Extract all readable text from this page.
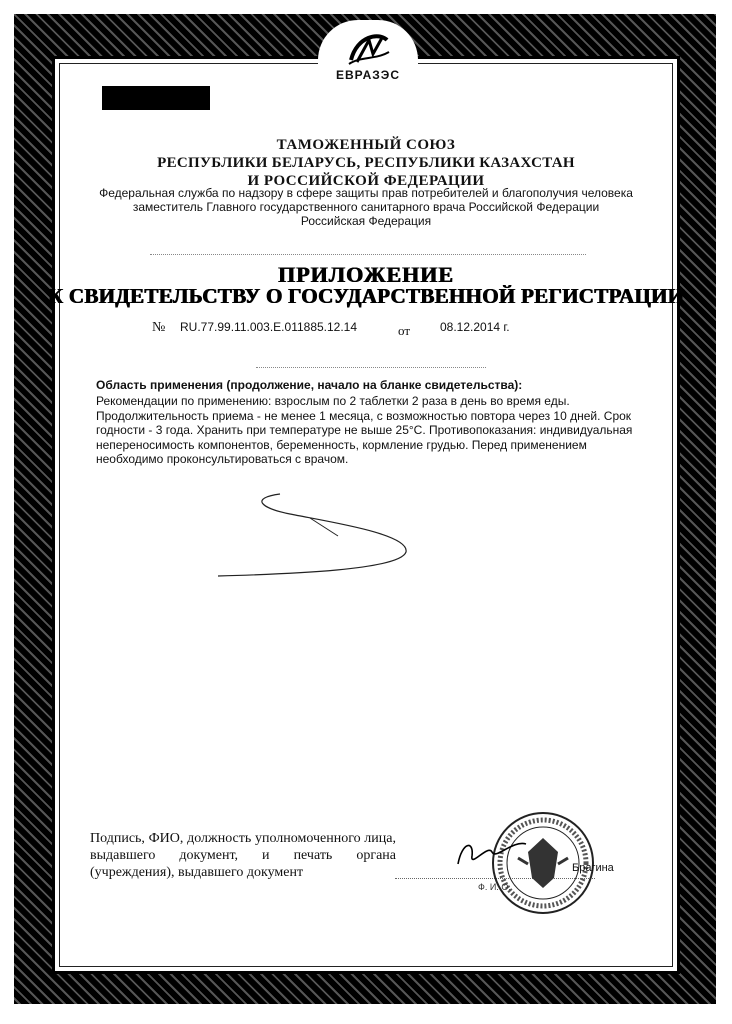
ЕВРАЗЭС
ТАМОЖЕННЫЙ СОЮЗ
РЕСПУБЛИКИ БЕЛАРУСЬ, РЕСПУБЛИКИ КАЗАХСТАН
И РОССИЙСКОЙ ФЕДЕРАЦИИ
Федеральная служба по надзору в сфере защиты прав потребителей и благополучия человека
заместитель Главного государственного санитарного врача Российской Федерации
Российская Федерация
ПРИЛОЖЕНИЕ
К СВИДЕТЕЛЬСТВУ О ГОСУДАРСТВЕННОЙ РЕГИСТРАЦИИ
№ RU.77.99.11.003.E.011885.12.14	от 08.12.2014 г.
Область применения (продолжение, начало на бланке свидетельства):
Рекомендации по применению: взрослым по 2 таблетки 2 раза в день во время еды.
Продолжительность приема - не менее 1 месяца, с возможностью повтора через 10 дней. Срок
годности - 3 года. Хранить при температуре не выше 25°С. Противопоказания: индивидуальная
непереносимость компонентов, беременность, кормление грудью. Перед применением
необходимо проконсультироваться с врачом.
Подпись, ФИО, должность уполномоченного лица, выдавшего документ, и печать органа (учреждения), выдавшего документ	Брагина
Ф. И. О.
